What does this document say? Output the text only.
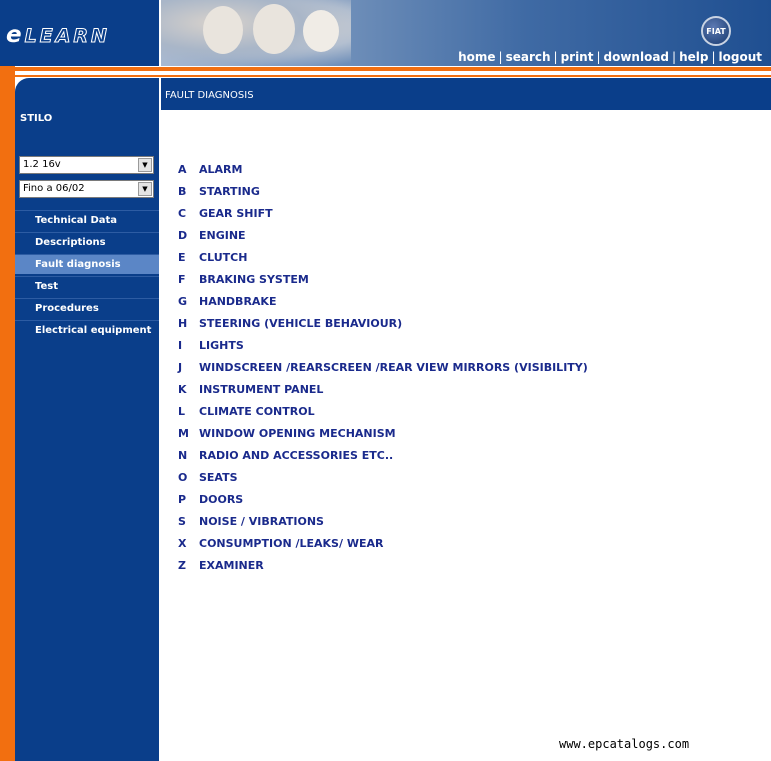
eLEARN	FIAT
home | search | print | download | help | logout
FAULT DIAGNOSIS
STILO
1.2 16v	▼
Fino a 06/02	▼
Technical Data
Descriptions
Fault diagnosis
Test
Procedures
Electrical equipment
A ALARM
B STARTING
C GEAR SHIFT
D ENGINE
E CLUTCH
F BRAKING SYSTEM
G HANDBRAKE
H STEERING (VEHICLE BEHAVIOUR)
I LIGHTS
J WINDSCREEN /REARSCREEN /REAR VIEW MIRRORS (VISIBILITY)
K INSTRUMENT PANEL
L CLIMATE CONTROL
M WINDOW OPENING MECHANISM
N RADIO AND ACCESSORIES ETC..
O SEATS
P DOORS
S NOISE / VIBRATIONS
X CONSUMPTION /LEAKS/ WEAR
Z EXAMINER
www.epcatalogs.com
